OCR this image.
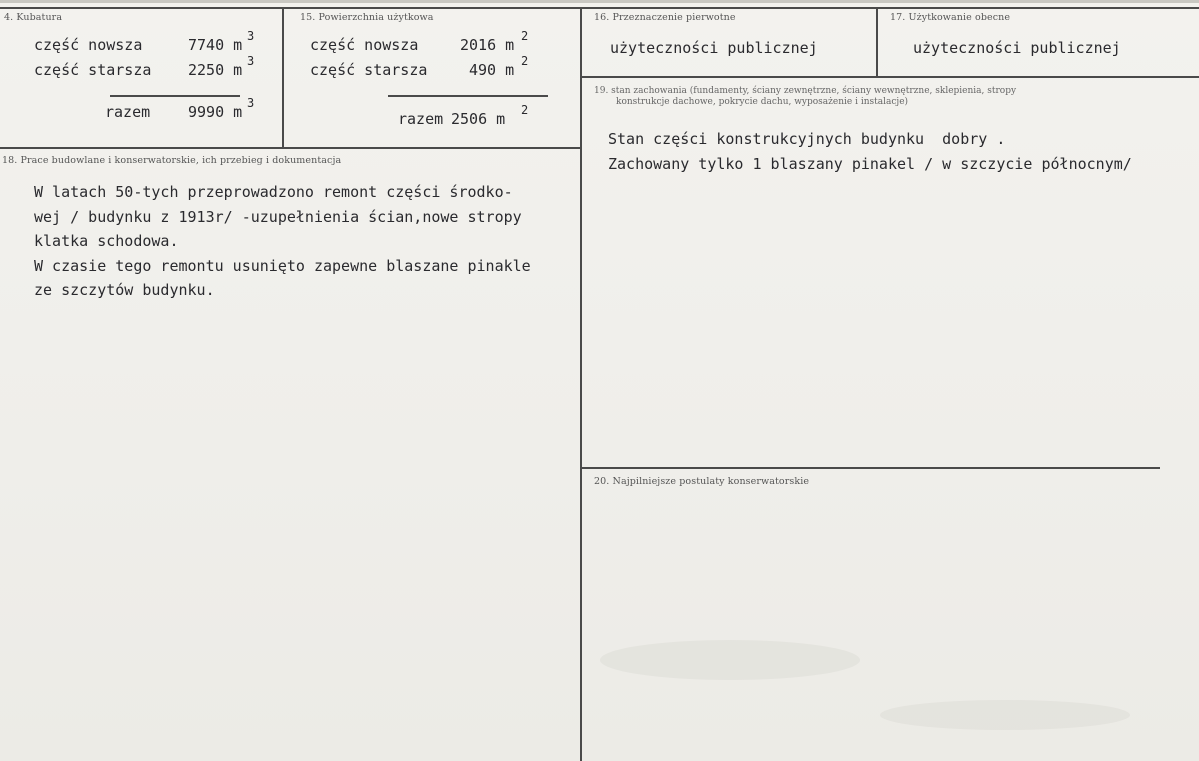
4. Kubatura
część nowsza	7740 m 3
część starsza 2250 m 3
razem	9990 m 3
15. Powierzchnia użytkowa
część nowsza	2016 m 2
część starsza	490 m 2
razem 2506 m 2
16. Przeznaczenie pierwotne
użyteczności publicznej
17. Użytkowanie obecne
użyteczności publicznej
18. Prace budowlane i konserwatorskie, ich przebieg i dokumentacja
W latach 50-tych przeprowadzono remont części środko-
wej / budynku z 1913r/ -uzupełnienia ścian,nowe stropy
klatka schodowa.
W czasie tego remontu usunięto zapewne blaszane pinakle
ze szczytów budynku.
19. stan zachowania (fundamenty, ściany zewnętrzne, ściany wewnętrzne, sklepienia, stropy
konstrukcje dachowe, pokrycie dachu, wyposażenie i instalacje)
Stan części konstrukcyjnych budynku  dobry .
Zachowany tylko 1 blaszany pinakel / w szczycie północnym/
20. Najpilniejsze postulaty konserwatorskie
